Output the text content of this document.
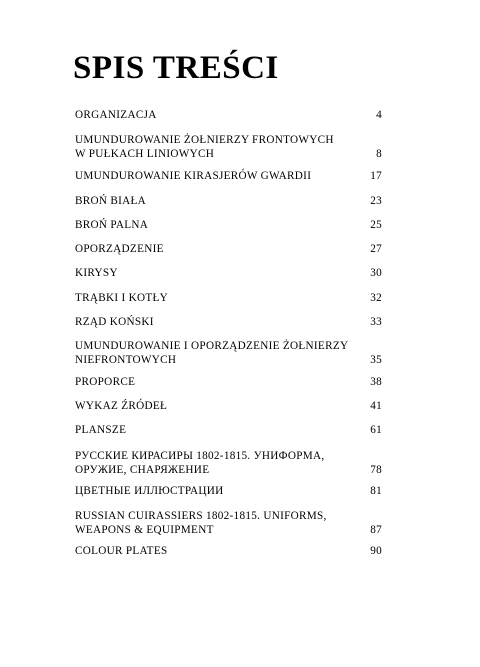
SPIS TREŚCI
ORGANIZACJA	4
UMUNDUROWANIE ŻOŁNIERZY FRONTOWYCH
W PUŁKACH LINIOWYCH	8
UMUNDUROWANIE KIRASJERÓW GWARDII	17
BROŃ BIAŁA	23
BROŃ PALNA	25
OPORZĄDZENIE	27
KIRYSY	30
TRĄBKI I KOTŁY	32
RZĄD KOŃSKI	33
UMUNDUROWANIE I OPORZĄDZENIE ŻOŁNIERZY
NIEFRONTOWYCH	35
PROPORCE	38
WYKAZ ŹRÓDEŁ	41
PLANSZE	61
РУССКИЕ КИРАСИРЫ 1802-1815. УНИФОРМА,
ОРУЖИЕ, СНАРЯЖЕНИЕ	78
ЦВЕТНЫЕ ИЛЛЮСТРАЦИИ	81
RUSSIAN CUIRASSIERS 1802-1815. UNIFORMS,
WEAPONS & EQUIPMENT	87
COLOUR PLATES	90
